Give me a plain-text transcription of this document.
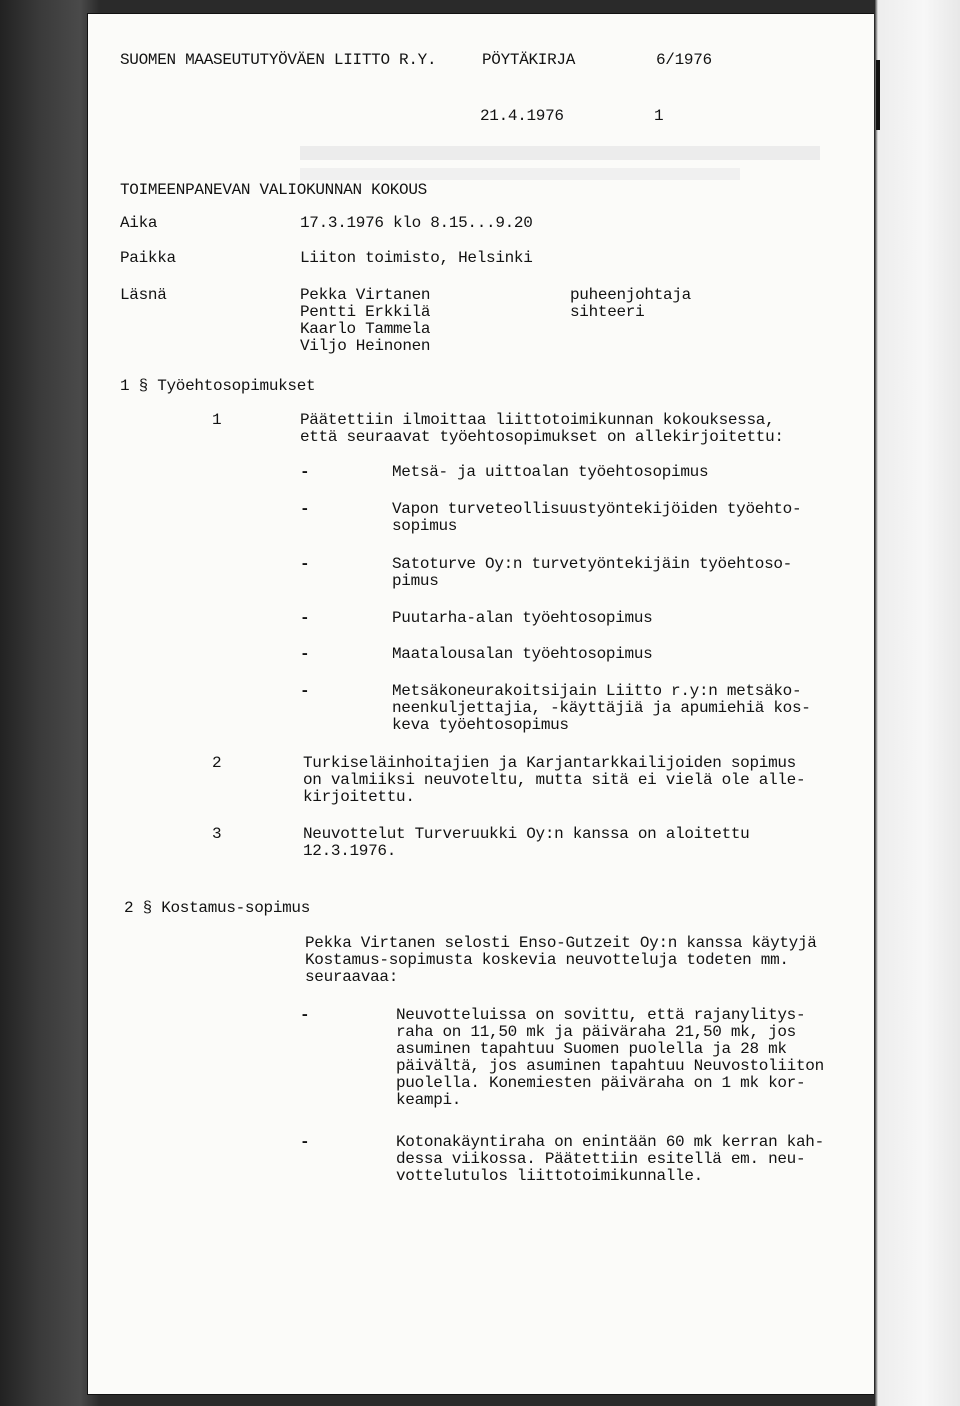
SUOMEN MAASEUTUTYÖVÄEN LIITTO R.Y.	PÖYTÄKIRJA	6/1976
21.4.1976	1
TOIMEENPANEVAN VALIOKUNNAN KOKOUS
Aika	17.3.1976 klo 8.15...9.20
Paikka	Liiton toimisto, Helsinki
Läsnä	Pekka Virtanen	puheenjohtaja
Pentti Erkkilä	sihteeri
Kaarlo Tammela
Viljo Heinonen
1 § Työehtosopimukset
1	Päätettiin ilmoittaa liittotoimikunnan kokouksessa,
että seuraavat työehtosopimukset on allekirjoitettu:
-	Metsä- ja uittoalan työehtosopimus
-	Vapon turveteollisuustyöntekijöiden työehto-
sopimus
-	Satoturve Oy:n turvetyöntekijäin työehtoso-
pimus
-	Puutarha-alan työehtosopimus
-	Maatalousalan työehtosopimus
-	Metsäkoneurakoitsijain Liitto r.y:n metsäko-
neenkuljettajia, -käyttäjiä ja apumiehiä kos-
keva työehtosopimus
2	Turkiseläinhoitajien ja Karjantarkkailijoiden sopimus
on valmiiksi neuvoteltu, mutta sitä ei vielä ole alle-
kirjoitettu.
3	Neuvottelut Turveruukki Oy:n kanssa on aloitettu
12.3.1976.
2 § Kostamus-sopimus
Pekka Virtanen selosti Enso-Gutzeit Oy:n kanssa käytyjä
Kostamus-sopimusta koskevia neuvotteluja todeten mm.
seuraavaa:
-	Neuvotteluissa on sovittu, että rajanylitys-
raha on 11,50 mk ja päiväraha 21,50 mk, jos
asuminen tapahtuu Suomen puolella ja 28 mk
päivältä, jos asuminen tapahtuu Neuvostoliiton
puolella. Konemiesten päiväraha on 1 mk kor-
keampi.
-	Kotonakäyntiraha on enintään 60 mk kerran kah-
dessa viikossa. Päätettiin esitellä em. neu-
vottelutulos liittotoimikunnalle.
